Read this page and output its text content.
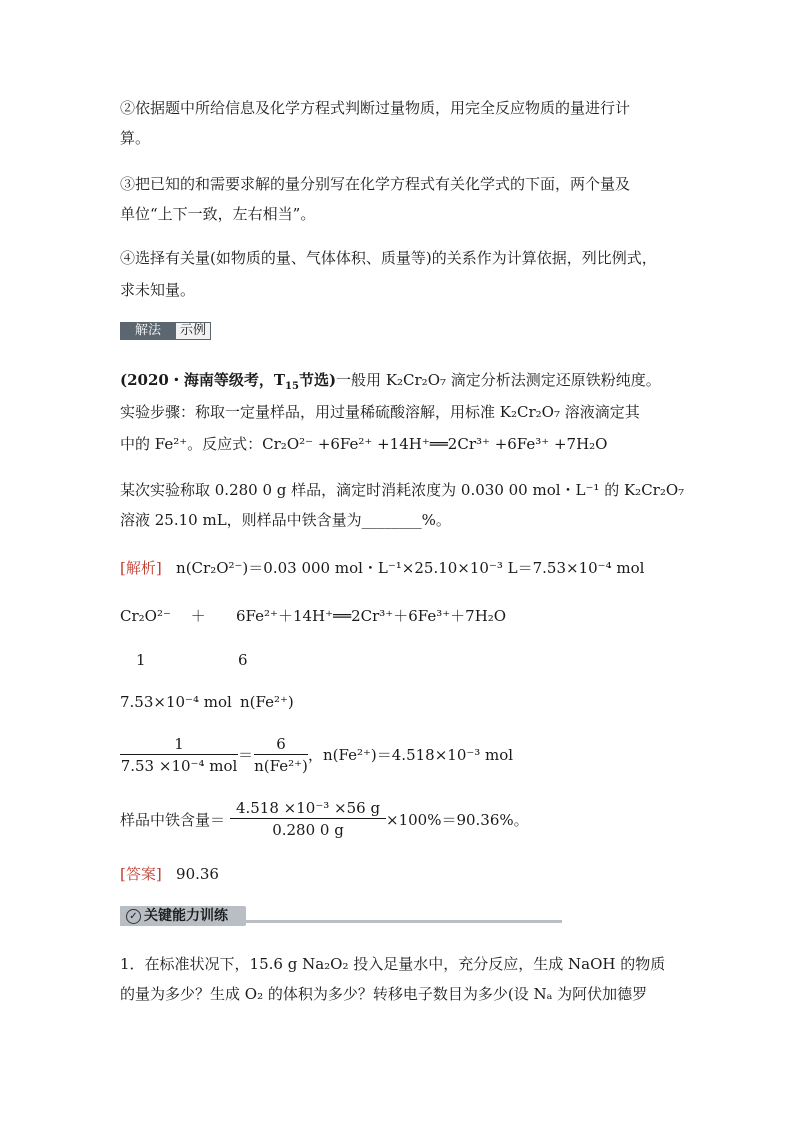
②依据题中所给信息及化学方程式判断过量物质，用完全反应物质的量进行计
算。
③把已知的和需要求解的量分别写在化学方程式有关化学式的下面，两个量及
单位“上下一致，左右相当”。
④选择有关量(如物质的量、气体体积、质量等)的关系作为计算依据，列比例式，
求未知量。
解法	示例
(2020・海南等级考，$T_{15}$节选)一般用 K₂Cr₂O₇ 滴定分析法测定还原铁粉纯度。
实验步骤：称取一定量样品，用过量稀硫酸溶解，用标准 K₂Cr₂O₇ 溶液滴定其
中的 Fe²⁺。反应式：Cr₂O²⁻ +6Fe²⁺ +14H⁺══2Cr³⁺ +6Fe³⁺ +7H₂O
某次实验称取 0.280 0 g 样品，滴定时消耗浓度为 0.030 00 mol・L⁻¹ 的 K₂Cr₂O₇
溶液 25.10 mL，则样品中铁含量为________%。
[解析] n(Cr₂O²⁻)＝0.03 000 mol・L⁻¹×25.10×10⁻³ L＝7.53×10⁻⁴ mol
Cr₂O²⁻　 ＋ 6Fe²⁺＋14H⁺══2Cr³⁺＋6Fe³⁺＋7H₂O
1	6
7.53×10⁻⁴ mol n(Fe²⁺)
1
7.53 ×10⁻⁴ mol
＝ $\frac{6}{\text{n(Fe²⁺)}}$ ，n(Fe²⁺)＝4.518×10⁻³ mol
样品中铁含量＝ $\frac{\text{4.518 ×10⁻³ ×56 g}}{0.280 0 g} \times 100\%=90.36\%$。
[答案] 90.36
✓ 关键能力训练
1．在标准状况下，15.6 g Na₂O₂ 投入足量水中，充分反应，生成 NaOH 的物质
的量为多少？生成 O₂ 的体积为多少？转移电子数目为多少(设 Nₐ 为阿伏加德罗
